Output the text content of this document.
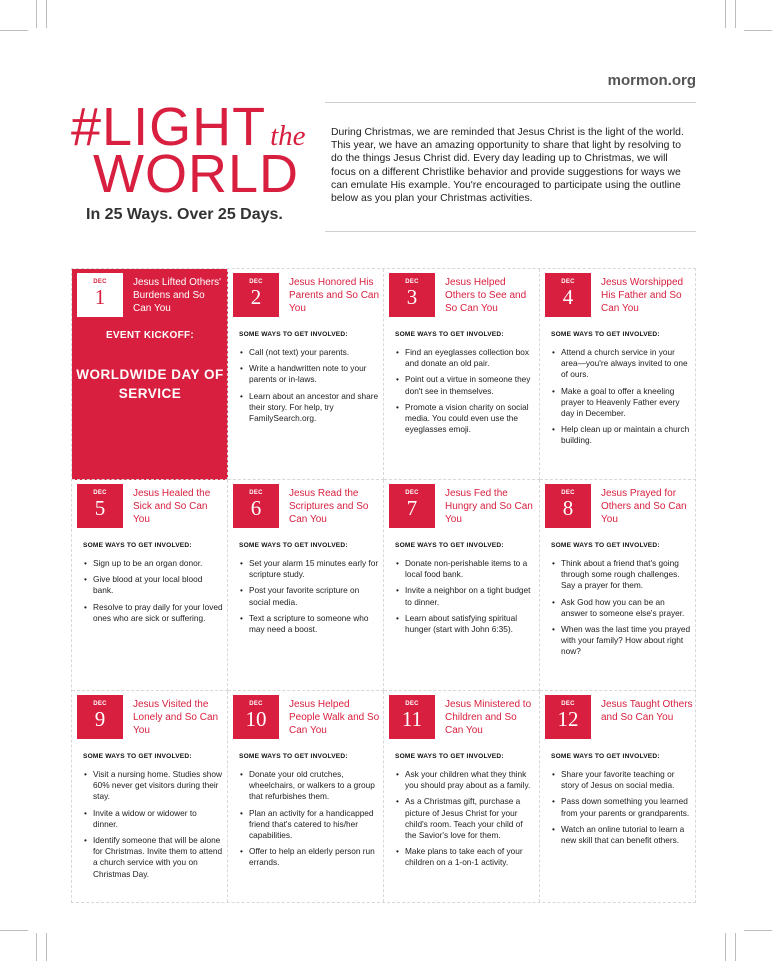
mormon.org
#LIGHT the
WORLD
In 25 Ways. Over 25 Days.
During Christmas, we are reminded that Jesus Christ is the light of the world. This year, we have an amazing opportunity to share that light by resolving to do the things Jesus Christ did. Every day leading up to Christmas, we will focus on a different Christlike behavior and provide suggestions for ways we can emulate His example. You're encouraged to participate using the outline below as you plan your Christmas activities.
DEC
1
Jesus Lifted Others' Burdens and So Can You
EVENT KICKOFF:
WORLDWIDE DAY OF SERVICE
DEC
2
Jesus Honored His Parents and So Can You
SOME WAYS TO GET INVOLVED:
• Call (not text) your parents.
• Write a handwritten note to your parents or in-laws.
• Learn about an ancestor and share their story. For help, try FamilySearch.org.
DEC
3
Jesus Helped Others to See and So Can You
SOME WAYS TO GET INVOLVED:
• Find an eyeglasses collection box and donate an old pair.
• Point out a virtue in someone they don't see in themselves.
• Promote a vision charity on social media. You could even use the eyeglasses emoji.
DEC
4
Jesus Worshipped His Father and So Can You
SOME WAYS TO GET INVOLVED:
• Attend a church service in your area—you're always invited to one of ours.
• Make a goal to offer a kneeling prayer to Heavenly Father every day in December.
• Help clean up or maintain a church building.
DEC
5
Jesus Healed the Sick and So Can You
SOME WAYS TO GET INVOLVED:
• Sign up to be an organ donor.
• Give blood at your local blood bank.
• Resolve to pray daily for your loved ones who are sick or suffering.
DEC
6
Jesus Read the Scriptures and So Can You
SOME WAYS TO GET INVOLVED:
• Set your alarm 15 minutes early for scripture study.
• Post your favorite scripture on social media.
• Text a scripture to someone who may need a boost.
DEC
7
Jesus Fed the Hungry and So Can You
SOME WAYS TO GET INVOLVED:
• Donate non-perishable items to a local food bank.
• Invite a neighbor on a tight budget to dinner.
• Learn about satisfying spiritual hunger (start with John 6:35).
DEC
8
Jesus Prayed for Others and So Can You
SOME WAYS TO GET INVOLVED:
• Think about a friend that's going through some rough challenges. Say a prayer for them.
• Ask God how you can be an answer to someone else's prayer.
• When was the last time you prayed with your family? How about right now?
DEC
9
Jesus Visited the Lonely and So Can You
SOME WAYS TO GET INVOLVED:
• Visit a nursing home. Studies show 60% never get visitors during their stay.
• Invite a widow or widower to dinner.
• Identify someone that will be alone for Christmas. Invite them to attend a church service with you on Christmas Day.
DEC
10
Jesus Helped People Walk and So Can You
SOME WAYS TO GET INVOLVED:
• Donate your old crutches, wheelchairs, or walkers to a group that refurbishes them.
• Plan an activity for a handicapped friend that's catered to his/her capabilities.
• Offer to help an elderly person run errands.
DEC
11
Jesus Ministered to Children and So Can You
SOME WAYS TO GET INVOLVED:
• Ask your children what they think you should pray about as a family.
• As a Christmas gift, purchase a picture of Jesus Christ for your child's room. Teach your child of the Savior's love for them.
• Make plans to take each of your children on a 1-on-1 activity.
DEC
12
Jesus Taught Others and So Can You
SOME WAYS TO GET INVOLVED:
• Share your favorite teaching or story of Jesus on social media.
• Pass down something you learned from your parents or grandparents.
• Watch an online tutorial to learn a new skill that can benefit others.
